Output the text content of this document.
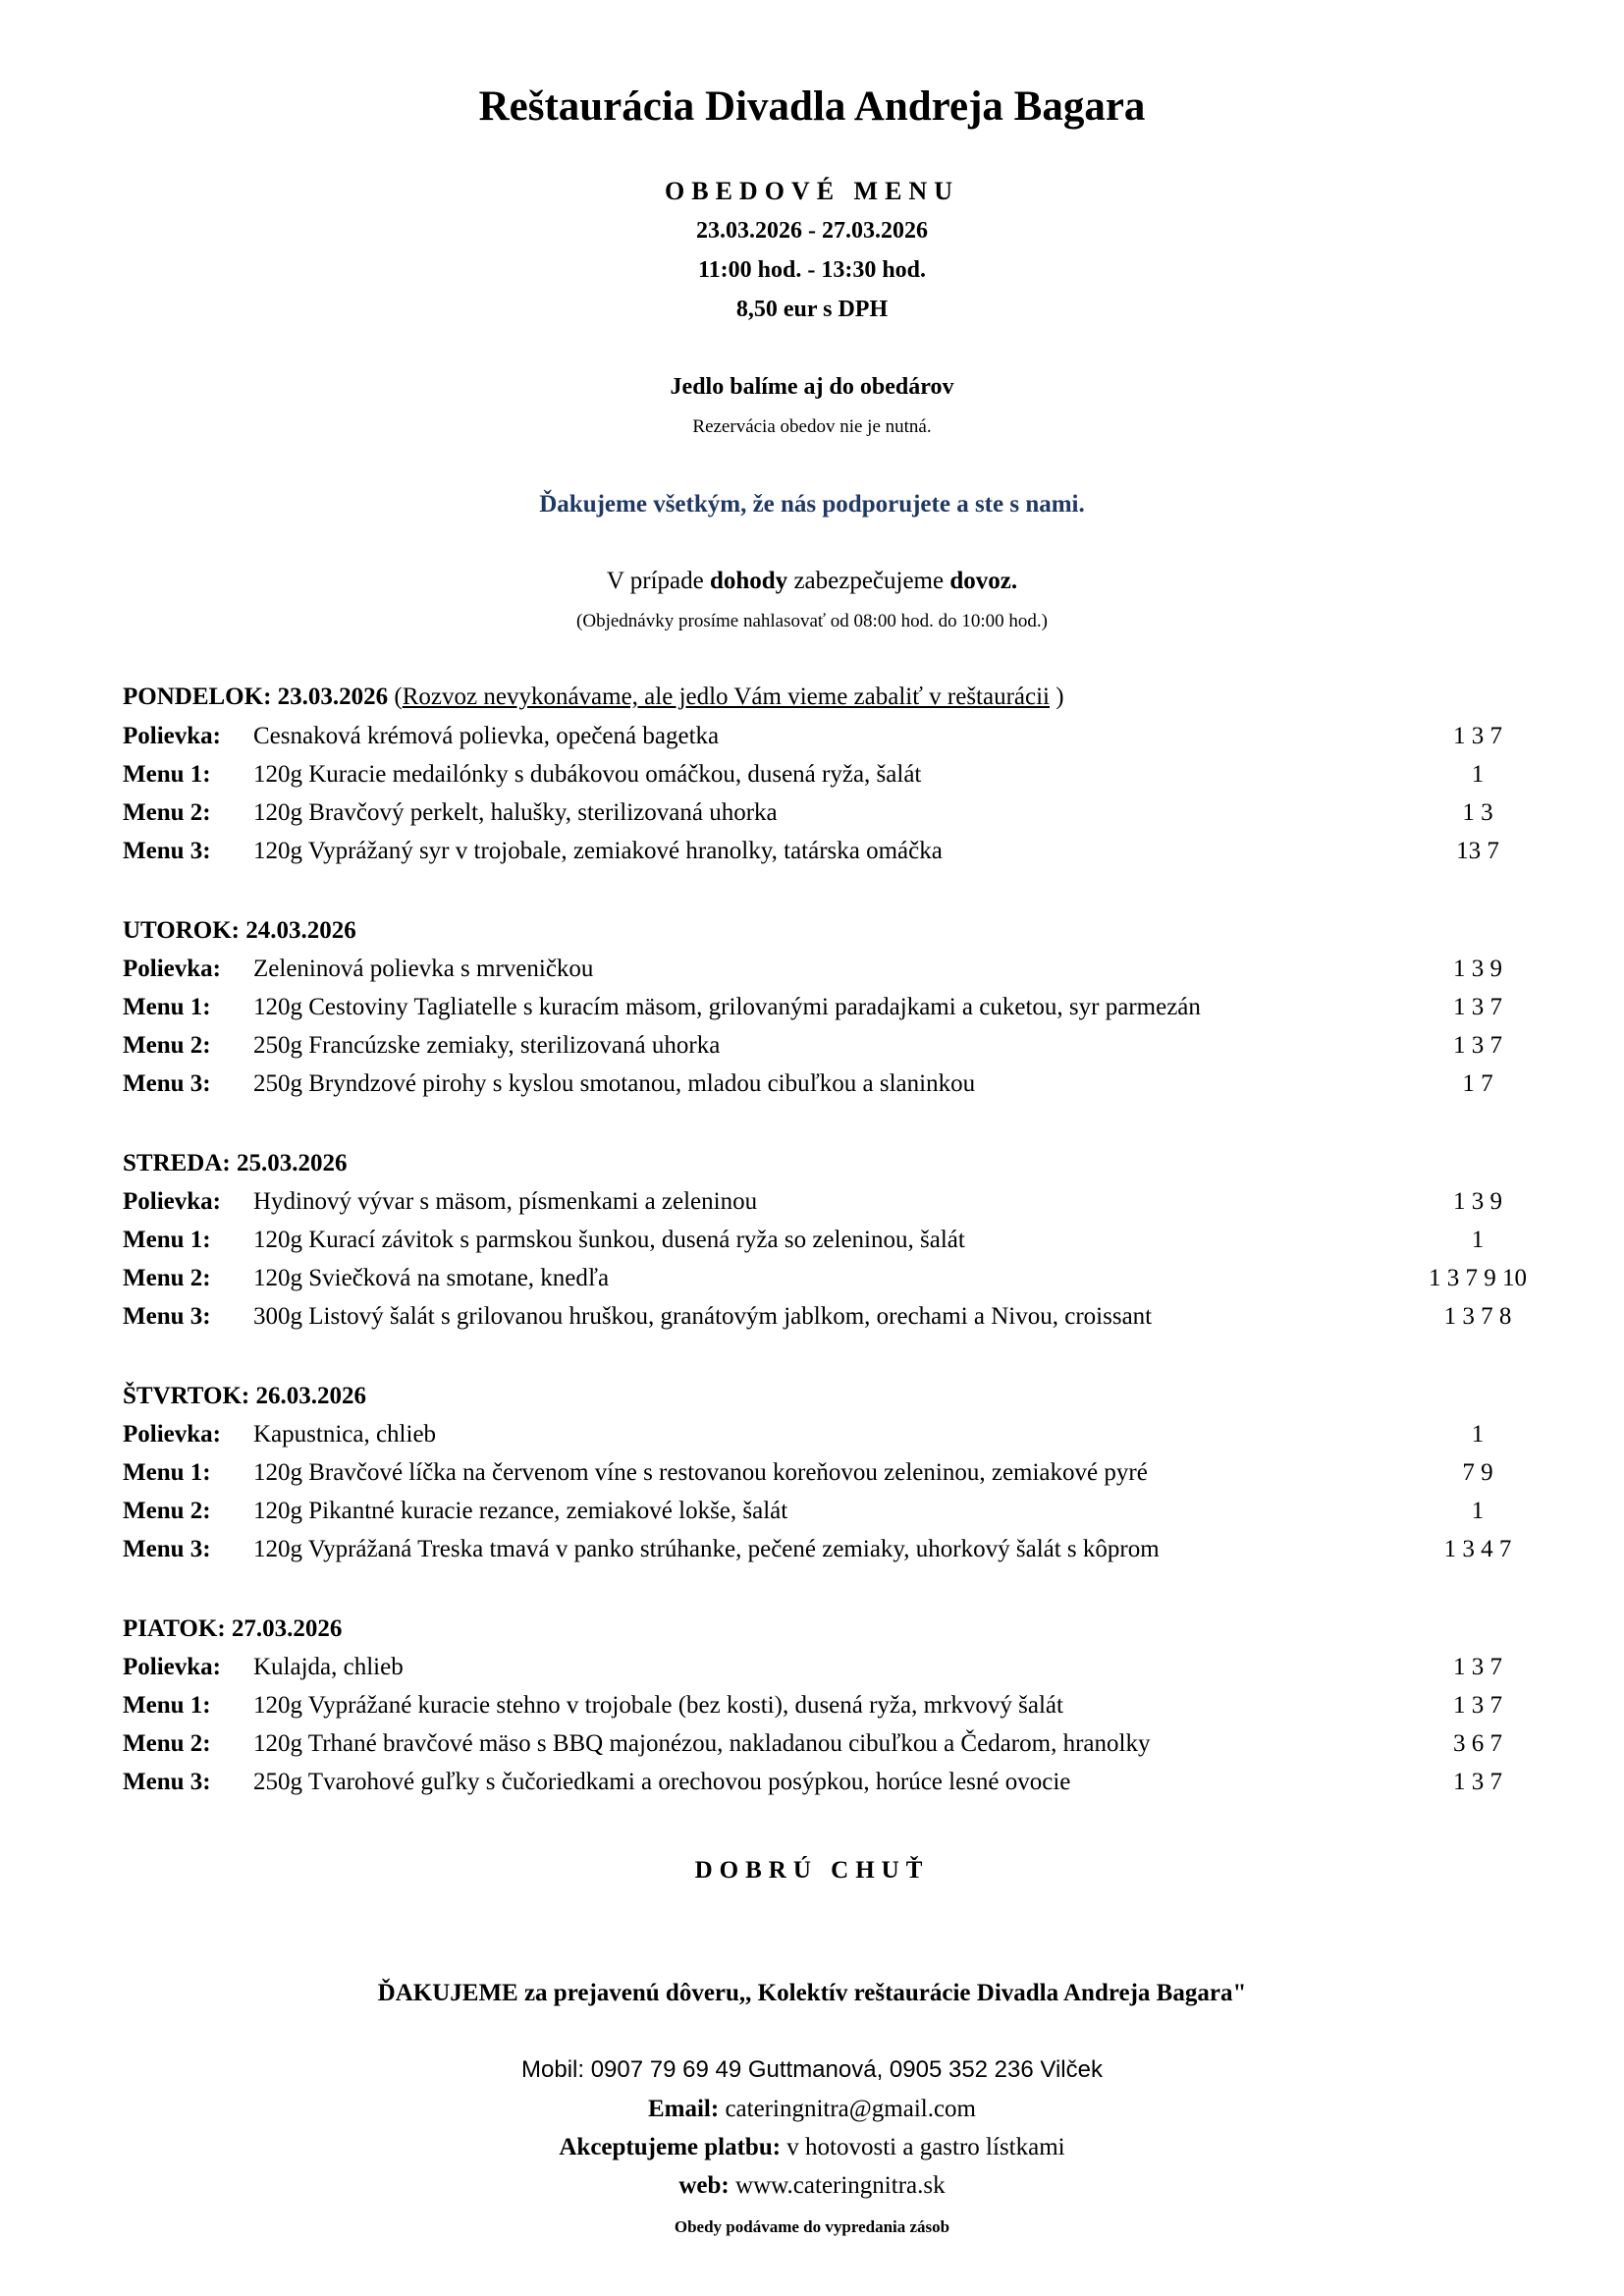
Reštaurácia Divadla Andreja Bagara
OBEDOVÉ MENU
23.03.2026 - 27.03.2026
11:00 hod. - 13:30 hod.
8,50 eur s DPH
Jedlo balíme aj do obedárov
Rezervácia obedov nie je nutná.
Ďakujeme všetkým, že nás podporujete a ste s nami.
V prípade dohody zabezpečujeme dovoz.
(Objednávky prosíme nahlasovať od 08:00 hod. do 10:00 hod.)
PONDELOK: 23.03.2026 (Rozvoz nevykonávame, ale jedlo Vám vieme zabaliť v reštaurácii )
Polievka: Cesnaková krémová polievka, opečená bagetka	1 3 7
Menu 1: 120g Kuracie medailónky s dubákovou omáčkou, dusená ryža, šalát	1
Menu 2: 120g Bravčový perkelt, halušky, sterilizovaná uhorka	1 3
Menu 3: 120g Vyprážaný syr v trojobale, zemiakové hranolky, tatárska omáčka	13 7
UTOROK: 24.03.2026
Polievka: Zeleninová polievka s mrveničkou	1 3 9
Menu 1: 120g Cestoviny Tagliatelle s kuracím mäsom, grilovanými paradajkami a cuketou, syr parmezán	1 3 7
Menu 2: 250g Francúzske zemiaky, sterilizovaná uhorka	1 3 7
Menu 3: 250g Bryndzové pirohy s kyslou smotanou, mladou cibuľkou a slaninkou	1 7
STREDA: 25.03.2026
Polievka: Hydinový vývar s mäsom, písmenkami a zeleninou	1 3 9
Menu 1: 120g Kurací závitok s parmskou šunkou, dusená ryža so zeleninou, šalát	1
Menu 2: 120g Sviečková na smotane, knedľa	1 3 7 9 10
Menu 3: 300g Listový šalát s grilovanou hruškou, granátovým jablkom, orechami a Nivou, croissant	1 3 7 8
ŠTVRTOK: 26.03.2026
Polievka: Kapustnica, chlieb	1
Menu 1: 120g Bravčové líčka na červenom víne s restovanou koreňovou zeleninou, zemiakové pyré	7 9
Menu 2: 120g Pikantné kuracie rezance, zemiakové lokše, šalát	1
Menu 3: 120g Vyprážaná Treska tmavá v panko strúhanke, pečené zemiaky, uhorkový šalát s kôprom	1 3 4 7
PIATOK: 27.03.2026
Polievka: Kulajda, chlieb	1 3 7
Menu 1: 120g Vyprážané kuracie stehno v trojobale (bez kosti), dusená ryža, mrkvový šalát	1 3 7
Menu 2: 120g Trhané bravčové mäso s BBQ majonézou, nakladanou cibuľkou a Čedarom, hranolky	3 6 7
Menu 3: 250g Tvarohové guľky s čučoriedkami a orechovou posýpkou, horúce lesné ovocie	1 3 7
DOBRÚ CHUŤ
ĎAKUJEME za prejavenú dôveru,, Kolektív reštaurácie Divadla Andreja Bagara"
Mobil: 0907 79 69 49 Guttmanová, 0905 352 236 Vilček
Email: cateringnitra@gmail.com
Akceptujeme platbu: v hotovosti a gastro lístkami
web: www.cateringnitra.sk
Obedy podávame do vypredania zásob
